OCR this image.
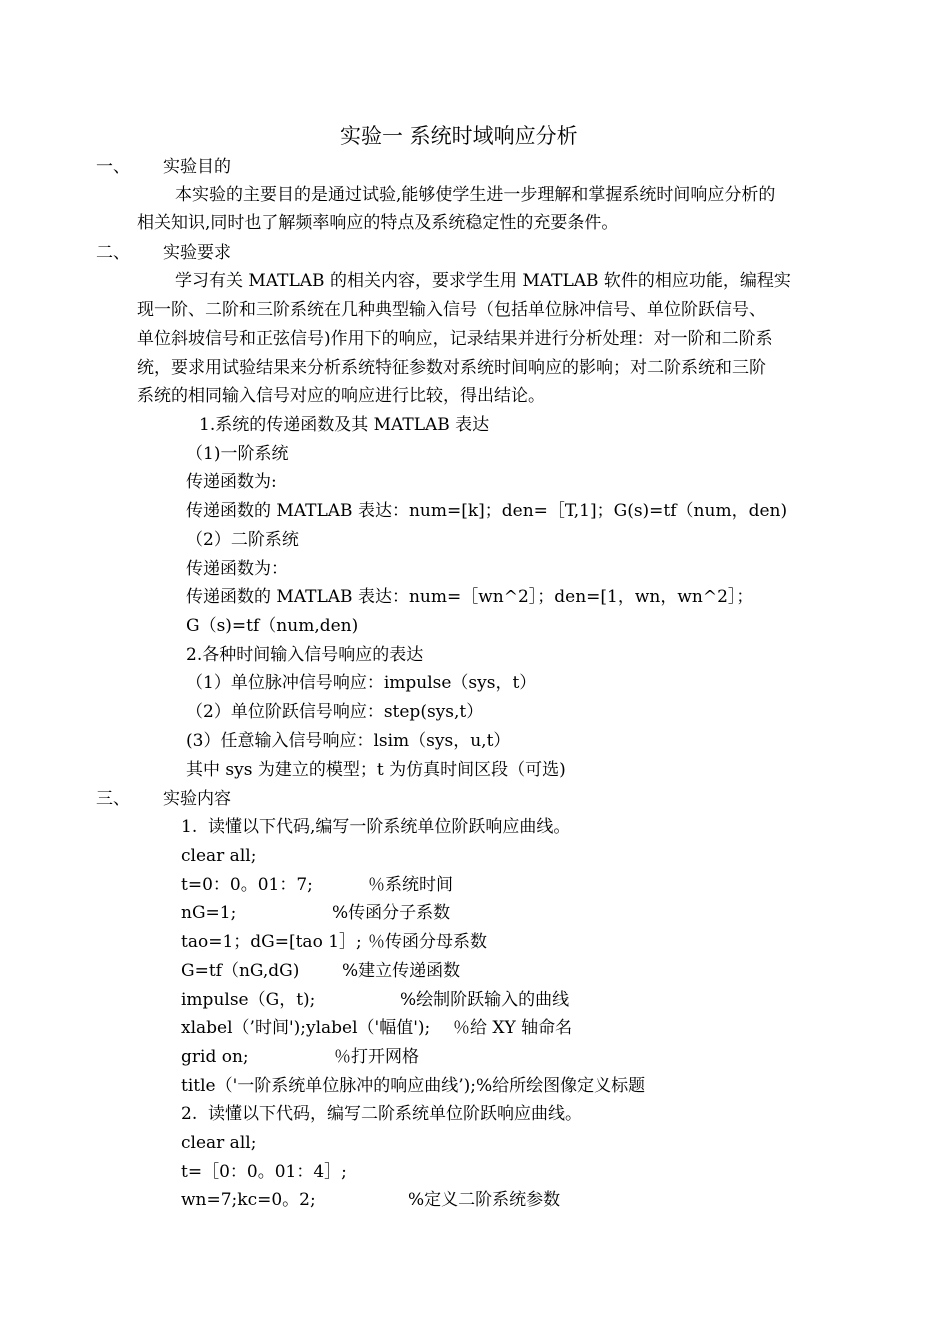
实验一 系统时域响应分析
一、 实验目的
本实验的主要目的是通过试验,能够使学生进一步理解和掌握系统时间响应分析的
相关知识,同时也了解频率响应的特点及系统稳定性的充要条件。
二、 实验要求
学习有关 MATLAB 的相关内容，要求学生用 MATLAB 软件的相应功能，编程实
现一阶、二阶和三阶系统在几种典型输入信号（包括单位脉冲信号、单位阶跃信号、
单位斜坡信号和正弦信号)作用下的响应，记录结果并进行分析处理：对一阶和二阶系
统，要求用试验结果来分析系统特征参数对系统时间响应的影响；对二阶系统和三阶
系统的相同输入信号对应的响应进行比较，得出结论。
1.系统的传递函数及其 MATLAB 表达
（1)一阶系统
传递函数为:
传递函数的 MATLAB 表达：num=[k]；den=［T,1]；G(s)=tf（num，den)
（2）二阶系统
传递函数为：
传递函数的 MATLAB 表达：num=［wn^2］；den=[1，wn，wn^2］；
G（s)=tf（num,den)
2.各种时间输入信号响应的表达
（1）单位脉冲信号响应：impulse（sys，t）
（2）单位阶跃信号响应：step(sys,t）
(3）任意输入信号响应：lsim（sys，u,t）
其中 sys 为建立的模型；t 为仿真时间区段（可选)
三、 实验内容
1.  读懂以下代码,编写一阶系统单位阶跃响应曲线。
clear all;
t=0：0。01：7;	％系统时间
nG=1;	%传函分子系数
tao=1；dG=[tao 1］; ％传函分母系数
G=tf（nG,dG)	%建立传递函数
impulse（G，t);	%绘制阶跃输入的曲线
xlabel（’时间');ylabel（'幅值'); ％给 XY 轴命名
grid on;	％打开网格
title（'一阶系统单位脉冲的响应曲线’);%给所绘图像定义标题
2.  读懂以下代码，编写二阶系统单位阶跃响应曲线。
clear all;
t=［0：0。01：4］;
wn=7;kc=0。2;	%定义二阶系统参数
